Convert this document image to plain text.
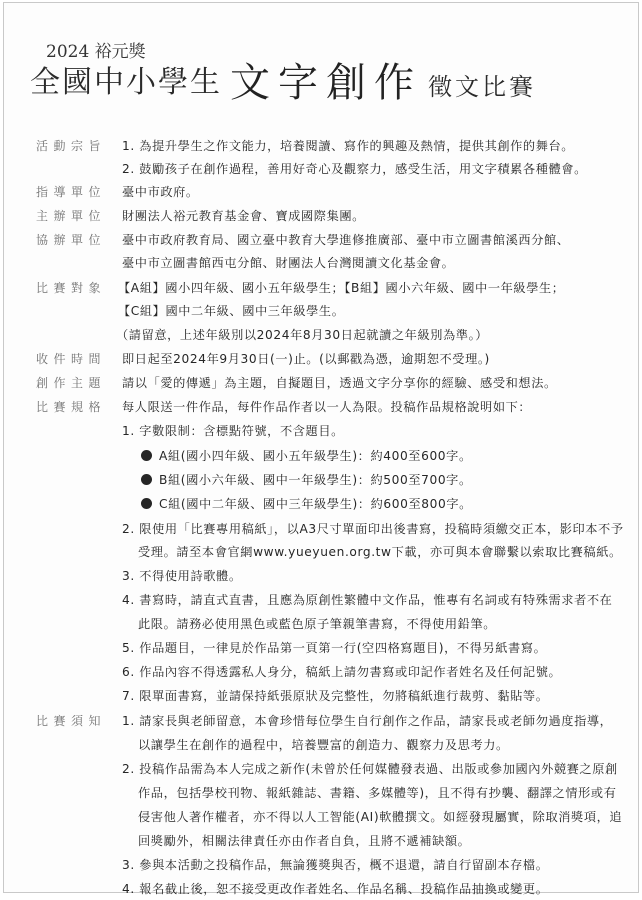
2024 裕元獎
全國中小學生 文字創作 徵文比賽
活動宗旨	1. 為提升學生之作文能力，培養閱讀、寫作的興趣及熱情，提供其創作的舞台。
2. 鼓勵孩子在創作過程，善用好奇心及觀察力，感受生活，用文字積累各種體會。
指導單位	臺中市政府。
主辦單位	財團法人裕元教育基金會、寶成國際集團。
協辦單位	臺中市政府教育局、國立臺中教育大學進修推廣部、臺中市立圖書館溪西分館、
臺中市立圖書館西屯分館、財團法人台灣閱讀文化基金會。
比賽對象 【A組】國小四年級、國小五年級學生；【B組】國小六年級、國中一年級學生；
【C組】國中二年級、國中三年級學生。
（請留意，上述年級別以2024年8月30日起就讀之年級別為準。）
收件時間	即日起至2024年9月30日(一)止。(以郵戳為憑，逾期恕不受理。)
創作主題	請以「愛的傳遞」為主題，自擬題目，透過文字分享你的經驗、感受和想法。
比賽規格	每人限送一件作品，每件作品作者以一人為限。投稿作品規格說明如下：
1. 字數限制：含標點符號，不含題目。
A組(國小四年級、國小五年級學生)：約400至600字。
B組(國小六年級、國中一年級學生)：約500至700字。
C組(國中二年級、國中三年級學生)：約600至800字。
2. 限使用「比賽專用稿紙」，以A3尺寸單面印出後書寫，投稿時須繳交正本，影印本不予
受理。請至本會官網www.yueyuen.org.tw下載，亦可與本會聯繫以索取比賽稿紙。
3. 不得使用詩歌體。
4. 書寫時，請直式直書，且應為原創性繁體中文作品，惟專有名詞或有特殊需求者不在
此限。請務必使用黑色或藍色原子筆親筆書寫，不得使用鉛筆。
5. 作品題目，一律見於作品第一頁第一行(空四格寫題目)，不得另紙書寫。
6. 作品內容不得透露私人身分，稿紙上請勿書寫或印記作者姓名及任何記號。
7. 限單面書寫，並請保持紙張原狀及完整性，勿將稿紙進行裁剪、黏貼等。
比賽須知	1. 請家長與老師留意，本會珍惜每位學生自行創作之作品，請家長或老師勿過度指導，
以讓學生在創作的過程中，培養豐富的創造力、觀察力及思考力。
2. 投稿作品需為本人完成之新作(未曾於任何媒體發表過、出版或參加國內外競賽之原創
作品，包括學校刊物、報紙雜誌、書籍、多媒體等)，且不得有抄襲、翻譯之情形或有
侵害他人著作權者，亦不得以人工智能(AI)軟體撰文。如經發現屬實，除取消獎項，追
回獎勵外，相關法律責任亦由作者自負，且將不遞補缺額。
3. 參與本活動之投稿作品，無論獲獎與否，概不退還，請自行留副本存檔。
4. 報名截止後，恕不接受更改作者姓名、作品名稱、投稿作品抽換或變更。
